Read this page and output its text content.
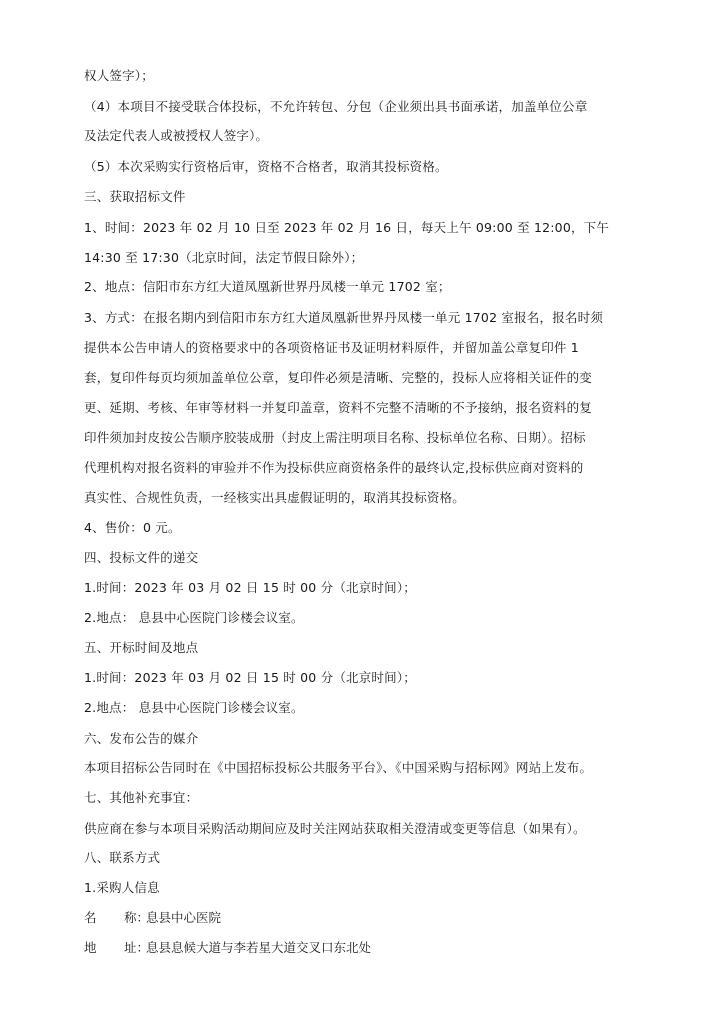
权人签字）；
（4）本项目不接受联合体投标，不允许转包、分包（企业须出具书面承诺，加盖单位公章
及法定代表人或被授权人签字）。
（5）本次采购实行资格后审，资格不合格者，取消其投标资格。
三、获取招标文件
1、时间：2023 年 02 月 10 日至 2023 年 02 月 16 日，每天上午 09:00 至 12:00，下午
14:30 至 17:30（北京时间，法定节假日除外）；
2、地点：信阳市东方红大道凤凰新世界丹凤楼一单元 1702 室；
3、方式：在报名期内到信阳市东方红大道凤凰新世界丹凤楼一单元 1702 室报名，报名时须
提供本公告申请人的资格要求中的各项资格证书及证明材料原件，并留加盖公章复印件 1
套，复印件每页均须加盖单位公章，复印件必须是清晰、完整的，投标人应将相关证件的变
更、延期、考核、年审等材料一并复印盖章，资料不完整不清晰的不予接纳，报名资料的复
印件须加封皮按公告顺序胶装成册（封皮上需注明项目名称、投标单位名称、日期）。招标
代理机构对报名资料的审验并不作为投标供应商资格条件的最终认定,投标供应商对资料的
真实性、合规性负责，一经核实出具虚假证明的，取消其投标资格。
4、售价：0 元。
四、投标文件的递交
1.时间：2023 年 03 月 02 日 15 时 00 分（北京时间）；
2.地点： 息县中心医院门诊楼会议室。
五、开标时间及地点
1.时间：2023 年 03 月 02 日 15 时 00 分（北京时间）；
2.地点： 息县中心医院门诊楼会议室。
六、发布公告的媒介
本项目招标公告同时在《中国招标投标公共服务平台》、《中国采购与招标网》网站上发布。
七、其他补充事宜：
供应商在参与本项目采购活动期间应及时关注网站获取相关澄清或变更等信息（如果有）。
八、联系方式
1.采购人信息
名 称：息县中心医院
地 址：息县息候大道与李若星大道交叉口东北处
